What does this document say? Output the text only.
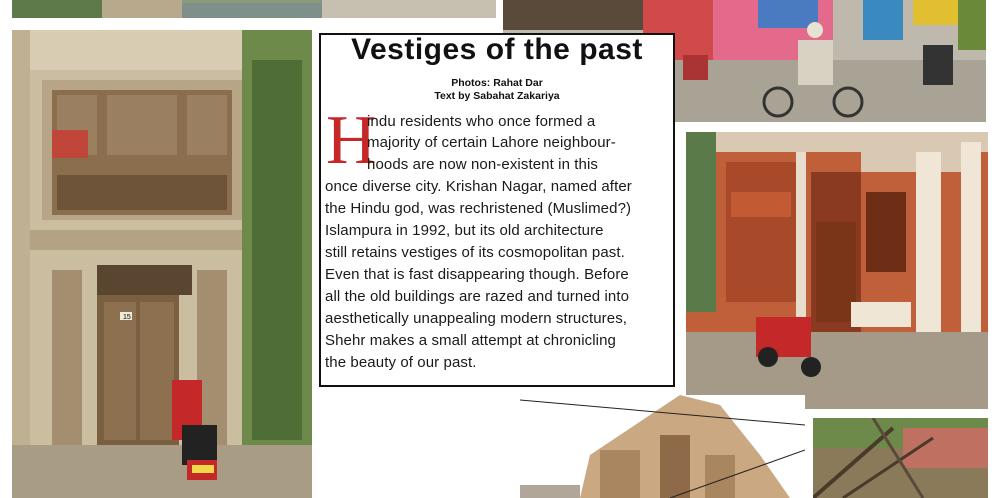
15
Vestiges of the past
Photos: Rahat Dar
Text by Sabahat Zakariya
H
indu residents who once formed a
majority of certain Lahore neighbour-
hoods are now non-existent in this
once diverse city. Krishan Nagar, named after
the Hindu god, was rechristened (Muslimed?)
Islampura in 1992, but its old architecture
still retains vestiges of its cosmopolitan past.
Even that is fast disappearing though. Before
all the old buildings are razed and turned into
aesthetically unappealing modern structures,
Shehr makes a small attempt at chronicling
the beauty of our past.
